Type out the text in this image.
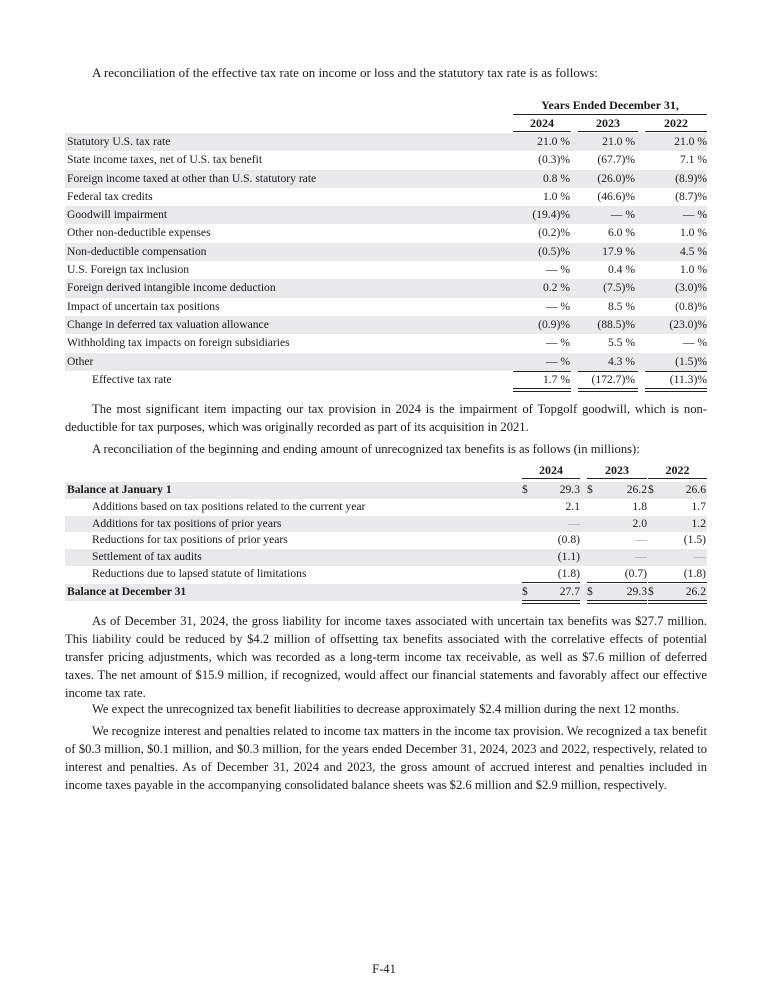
A reconciliation of the effective tax rate on income or loss and the statutory tax rate is as follows:

Years Ended December 31,
2024	2023	2022
Statutory U.S. tax rate	21.0 %	21.0 %	21.0 %
State income taxes, net of U.S. tax benefit	(0.3)%	(67.7)%	7.1 %
Foreign income taxed at other than U.S. statutory rate	0.8 %	(26.0)%	(8.9)%
Federal tax credits	1.0 %	(46.6)%	(8.7)%
Goodwill impairment	(19.4)%	— %	— %
Other non-deductible expenses	(0.2)%	6.0 %	1.0 %
Non-deductible compensation	(0.5)%	17.9 %	4.5 %
U.S. Foreign tax inclusion	— %	0.4 %	1.0 %
Foreign derived intangible income deduction	0.2 %	(7.5)%	(3.0)%
Impact of uncertain tax positions	— %	8.5 %	(0.8)%
Change in deferred tax valuation allowance	(0.9)%	(88.5)%	(23.0)%
Withholding tax impacts on foreign subsidiaries	— %	5.5 %	— %
Other	— %	4.3 %	(1.5)%
Effective tax rate	1.7 %	(172.7)%	(11.3)%

The most significant item impacting our tax provision in 2024 is the impairment of Topgolf goodwill, which is non-deductible for tax purposes, which was originally recorded as part of its acquisition in 2021.

A reconciliation of the beginning and ending amount of unrecognized tax benefits is as follows (in millions):

2024	2023	2022
Balance at January 1	$	29.3 $	26.2 $	26.6
Additions based on tax positions related to the current year	2.1	1.8	1.7
Additions for tax positions of prior years	—	2.0	1.2
Reductions for tax positions of prior years	(0.8)	—	(1.5)
Settlement of tax audits	(1.1)	—	—
Reductions due to lapsed statute of limitations	(1.8)	(0.7)	(1.8)
Balance at December 31	$	27.7 $	29.3 $	26.2

As of December 31, 2024, the gross liability for income taxes associated with uncertain tax benefits was $27.7 million. This liability could be reduced by $4.2 million of offsetting tax benefits associated with the correlative effects of potential transfer pricing adjustments, which was recorded as a long-term income tax receivable, as well as $7.6 million of deferred taxes. The net amount of $15.9 million, if recognized, would affect our financial statements and favorably affect our effective income tax rate.

We expect the unrecognized tax benefit liabilities to decrease approximately $2.4 million during the next 12 months.

We recognize interest and penalties related to income tax matters in the income tax provision. We recognized a tax benefit of $0.3 million, $0.1 million, and $0.3 million, for the years ended December 31, 2024, 2023 and 2022, respectively, related to interest and penalties. As of December 31, 2024 and 2023, the gross amount of accrued interest and penalties included in income taxes payable in the accompanying consolidated balance sheets was $2.6 million and $2.9 million, respectively.

F-41
